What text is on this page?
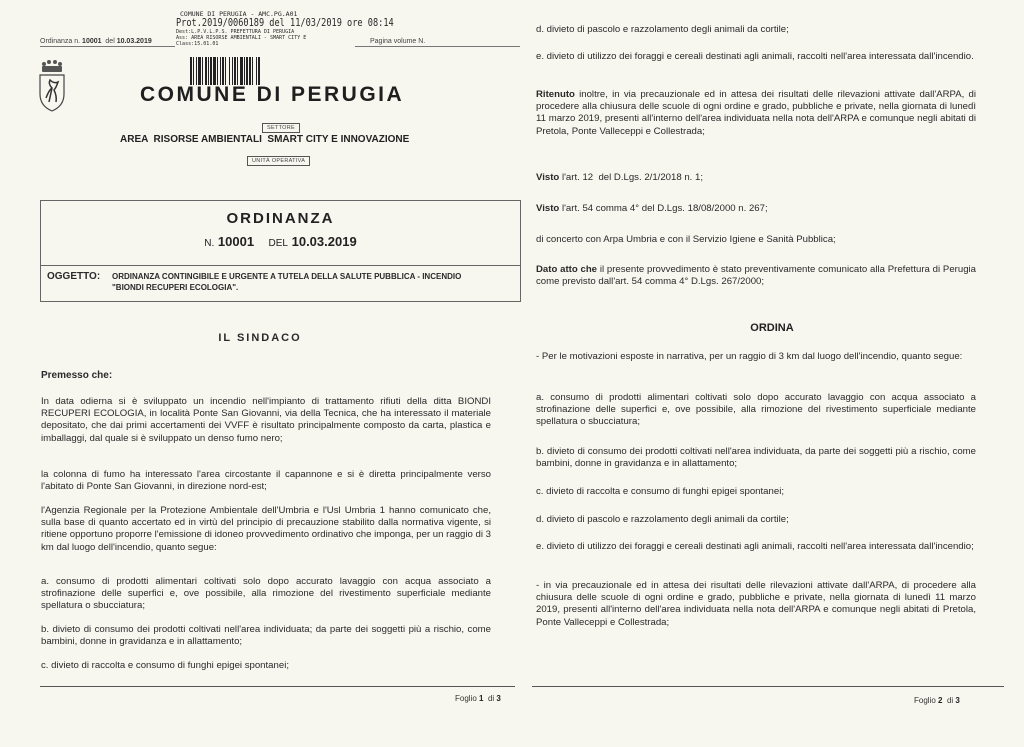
Ordinanza n. 10001 del 10.03.2019	Pagina volume N.
COMUNE DI PERUGIA - AMC.PG.A01
Prot.2019/0060189 del 11/03/2019 ore 08:14
Dest:L.P.V.L.P.S. PREFETTURA DI PERUGIA
Ass: AREA RISORSE AMBIENTALI - SMART CITY E
Class:15.01.01
COMUNE DI PERUGIA
SETTORE
AREA  RISORSE AMBIENTALI  SMART CITY E INNOVAZIONE
UNITÀ OPERATIVA
ORDINANZA
N. 10001 DEL 10.03.2019
OGGETTO: ORDINANZA CONTINGIBILE E URGENTE A TUTELA DELLA SALUTE PUBBLICA - INCENDIO
"BIONDI RECUPERI ECOLOGIA".
IL SINDACO
Premesso che:
In data odierna si è sviluppato un incendio nell'impianto di trattamento rifiuti della ditta BIONDI RECUPERI ECOLOGIA, in località Ponte San Giovanni, via della Tecnica, che ha interessato il materiale depositato, che dai primi accertamenti dei VVFF è risultato principalmente composto da carta, plastica e imballaggi, dal quale si è sviluppato un denso fumo nero;
la colonna di fumo ha interessato l'area circostante il capannone e si è diretta principalmente verso l'abitato di Ponte San Giovanni, in direzione nord-est;
l'Agenzia Regionale per la Protezione Ambientale dell'Umbria e l'Usl Umbria 1 hanno comunicato che, sulla base di quanto accertato ed in virtù del principio di precauzione stabilito dalla normativa vigente, si ritiene opportuno proporre l'emissione di idoneo provvedimento ordinativo che imponga, per un raggio di 3 km dal luogo dell'incendio, quanto segue:
a. consumo di prodotti alimentari coltivati solo dopo accurato lavaggio con acqua associato a strofinazione delle superfici e, ove possibile, alla rimozione del rivestimento superficiale mediante spellatura o sbucciatura;
b. divieto di consumo dei prodotti coltivati nell'area individuata; da parte dei soggetti più a rischio, come bambini, donne in gravidanza e in allattamento;
c. divieto di raccolta e consumo di funghi epigei spontanei;
Foglio 1 di 3
d. divieto di pascolo e razzolamento degli animali da cortile;
e. divieto di utilizzo dei foraggi e cereali destinati agli animali, raccolti nell'area interessata dall'incendio.
Ritenuto inoltre, in via precauzionale ed in attesa dei risultati delle rilevazioni attivate dall'ARPA, di procedere alla chiusura delle scuole di ogni ordine e grado, pubbliche e private, nella giornata di lunedì 11 marzo 2019, presenti all'interno dell'area individuata nella nota dell'ARPA e comunque negli abitati di Pretola, Ponte Valleceppi e Collestrada;
Visto l'art. 12  del D.Lgs. 2/1/2018 n. 1;
Visto l'art. 54 comma 4° del D.Lgs. 18/08/2000 n. 267;
di concerto con Arpa Umbria e con il Servizio Igiene e Sanità Pubblica;
Dato atto che il presente provvedimento è stato preventivamente comunicato alla Prefettura di Perugia come previsto dall'art. 54 comma 4° D.Lgs. 267/2000;
ORDINA
- Per le motivazioni esposte in narrativa, per un raggio di 3 km dal luogo dell'incendio, quanto segue:
a. consumo di prodotti alimentari coltivati solo dopo accurato lavaggio con acqua associato a strofinazione delle superfici e, ove possibile, alla rimozione del rivestimento superficiale mediante spellatura o sbucciatura;
b. divieto di consumo dei prodotti coltivati nell'area individuata, da parte dei soggetti più a rischio, come bambini, donne in gravidanza e in allattamento;
c. divieto di raccolta e consumo di funghi epigei spontanei;
d. divieto di pascolo e razzolamento degli animali da cortile;
e. divieto di utilizzo dei foraggi e cereali destinati agli animali, raccolti nell'area interessata dall'incendio;
- in via precauzionale ed in attesa dei risultati delle rilevazioni attivate dall'ARPA, di procedere alla chiusura delle scuole di ogni ordine e grado, pubbliche e private, nella giornata di lunedì 11 marzo 2019, presenti all'interno dell'area individuata nella nota dell'ARPA e comunque negli abitati di Pretola, Ponte Valleceppi e Collestrada;
Foglio 2 di 3
